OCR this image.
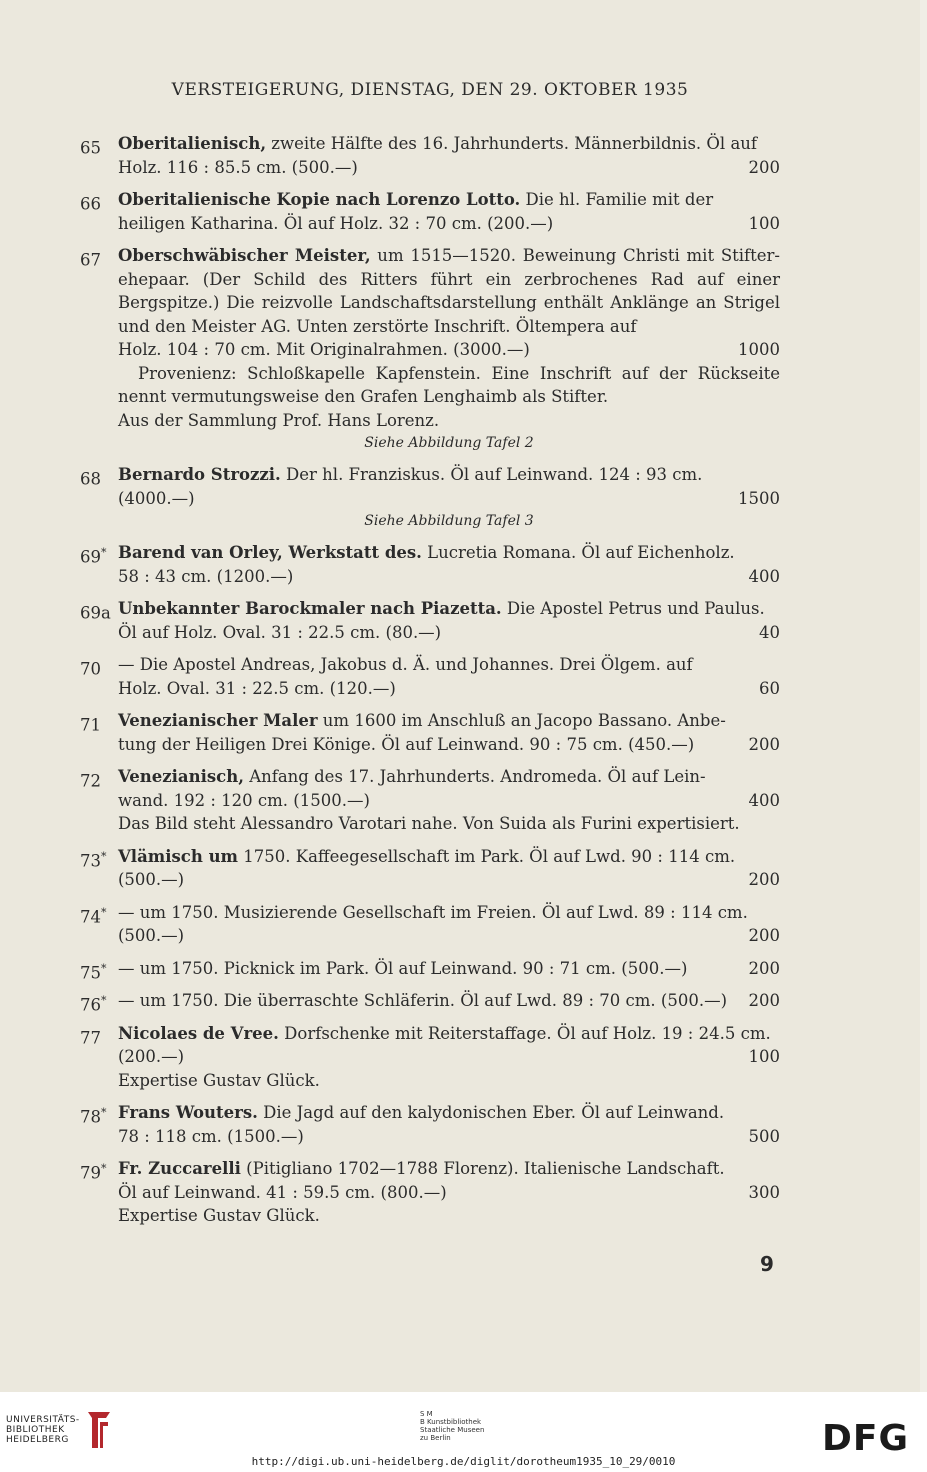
VERSTEIGERUNG, DIENSTAG, DEN 29. OKTOBER 1935
65	Oberitalienisch, zweite Hälfte des 16. Jahrhunderts. Männerbildnis. Öl auf
Holz. 116 : 85.5 cm. (500.—)	200
66	Oberitalienische Kopie nach Lorenzo Lotto. Die hl. Familie mit der
heiligen Katharina. Öl auf Holz. 32 : 70 cm. (200.—)	100
67	Oberschwäbischer Meister, um 1515—1520. Beweinung Christi mit Stifter-ehepaar. (Der Schild des Ritters führt ein zerbrochenes Rad auf einer Bergspitze.) Die reizvolle Landschaftsdarstellung enthält Anklänge an Strigel und den Meister AG. Unten zerstörte Inschrift. Öltempera auf
Holz. 104 : 70 cm. Mit Originalrahmen. (3000.—)	1000
Provenienz: Schloßkapelle Kapfenstein. Eine Inschrift auf der Rückseite nennt vermutungsweise den Grafen Lenghaimb als Stifter.
Aus der Sammlung Prof. Hans Lorenz.
Siehe Abbildung Tafel 2
68	Bernardo Strozzi. Der hl. Franziskus. Öl auf Leinwand. 124 : 93 cm.
(4000.—)	1500
Siehe Abbildung Tafel 3
69* Barend van Orley, Werkstatt des. Lucretia Romana. Öl auf Eichenholz.
58 : 43 cm. (1200.—)	400
69a Unbekannter Barockmaler nach Piazetta. Die Apostel Petrus und Paulus.
Öl auf Holz. Oval. 31 : 22.5 cm. (80.—)	40
70	— Die Apostel Andreas, Jakobus d. Ä. und Johannes. Drei Ölgem. auf
Holz. Oval. 31 : 22.5 cm. (120.—)	60
71	Venezianischer Maler um 1600 im Anschluß an Jacopo Bassano. Anbe-
tung der Heiligen Drei Könige. Öl auf Leinwand. 90 : 75 cm. (450.—)	200
72	Venezianisch, Anfang des 17. Jahrhunderts. Andromeda. Öl auf Lein-
wand. 192 : 120 cm. (1500.—)	400
Das Bild steht Alessandro Varotari nahe. Von Suida als Furini expertisiert.
73* Vlämisch um 1750. Kaffeegesellschaft im Park. Öl auf Lwd. 90 : 114 cm.
(500.—)	200
74* — um 1750. Musizierende Gesellschaft im Freien. Öl auf Lwd. 89 : 114 cm.
(500.—)	200
75* — um 1750. Picknick im Park. Öl auf Leinwand. 90 : 71 cm. (500.—)	200
76* — um 1750. Die überraschte Schläferin. Öl auf Lwd. 89 : 70 cm. (500.—)	200
77	Nicolaes de Vree. Dorfschenke mit Reiterstaffage. Öl auf Holz. 19 : 24.5 cm.
(200.—)	100
Expertise Gustav Glück.
78* Frans Wouters. Die Jagd auf den kalydonischen Eber. Öl auf Leinwand.
78 : 118 cm. (1500.—)	500
79* Fr. Zuccarelli (Pitigliano 1702—1788 Florenz). Italienische Landschaft.
Öl auf Leinwand. 41 : 59.5 cm. (800.—)	300
Expertise Gustav Glück.
9
UNIVERSITÄTS-
BIBLIOTHEK
HEIDELBERG
S M
B Kunstbibliothek
Staatliche Museen
zu Berlin	DFG
http://digi.ub.uni-heidelberg.de/diglit/dorotheum1935_10_29/0010
